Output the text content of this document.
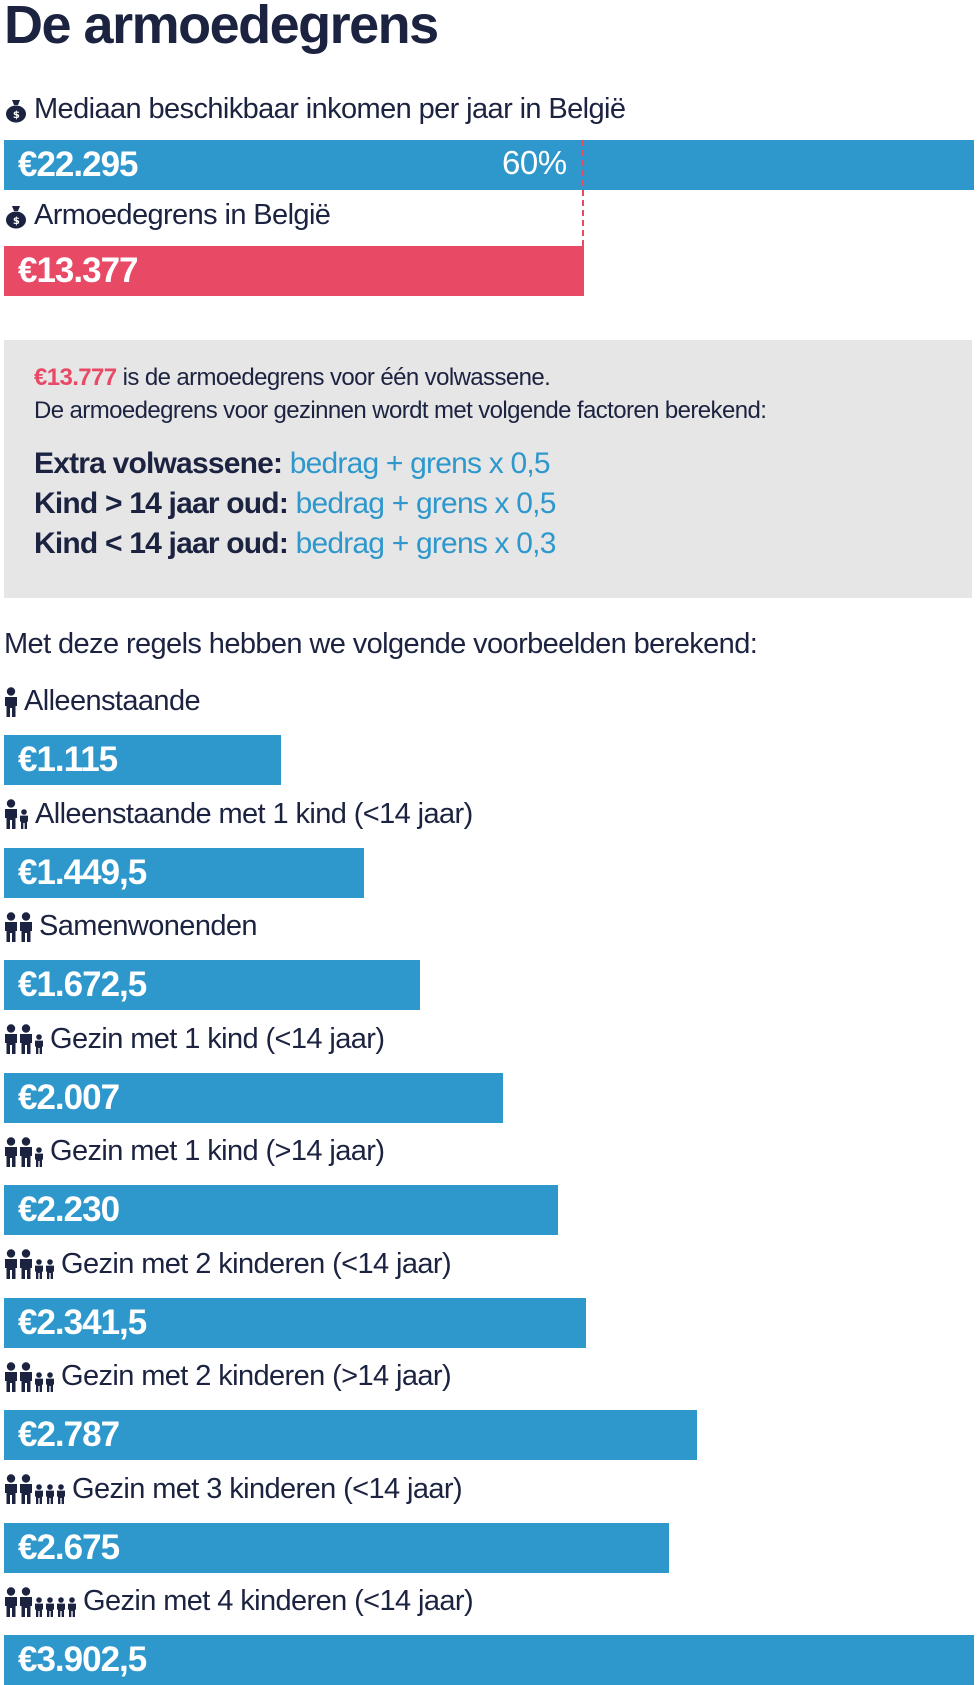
De armoedegrens
$ Mediaan beschikbaar inkomen per jaar in België
€22.295	60%
$ Armoedegrens in België
€13.377
€13.777 is de armoedegrens voor één volwassene.
De armoedegrens voor gezinnen wordt met volgende factoren berekend:
Extra volwassene: bedrag + grens x 0,5
Kind > 14 jaar oud: bedrag + grens x 0,5
Kind < 14 jaar oud: bedrag + grens x 0,3
Met deze regels hebben we volgende voorbeelden berekend:
Alleenstaande
€1.115
Alleenstaande met 1 kind (<14 jaar)
€1.449,5
Samenwonenden
€1.672,5
Gezin met 1 kind (<14 jaar)
€2.007
Gezin met 1 kind (>14 jaar)
€2.230
Gezin met 2 kinderen (<14 jaar)
€2.341,5
Gezin met 2 kinderen (>14 jaar)
€2.787
Gezin met 3 kinderen (<14 jaar)
€2.675
Gezin met 4 kinderen (<14 jaar)
€3.902,5
